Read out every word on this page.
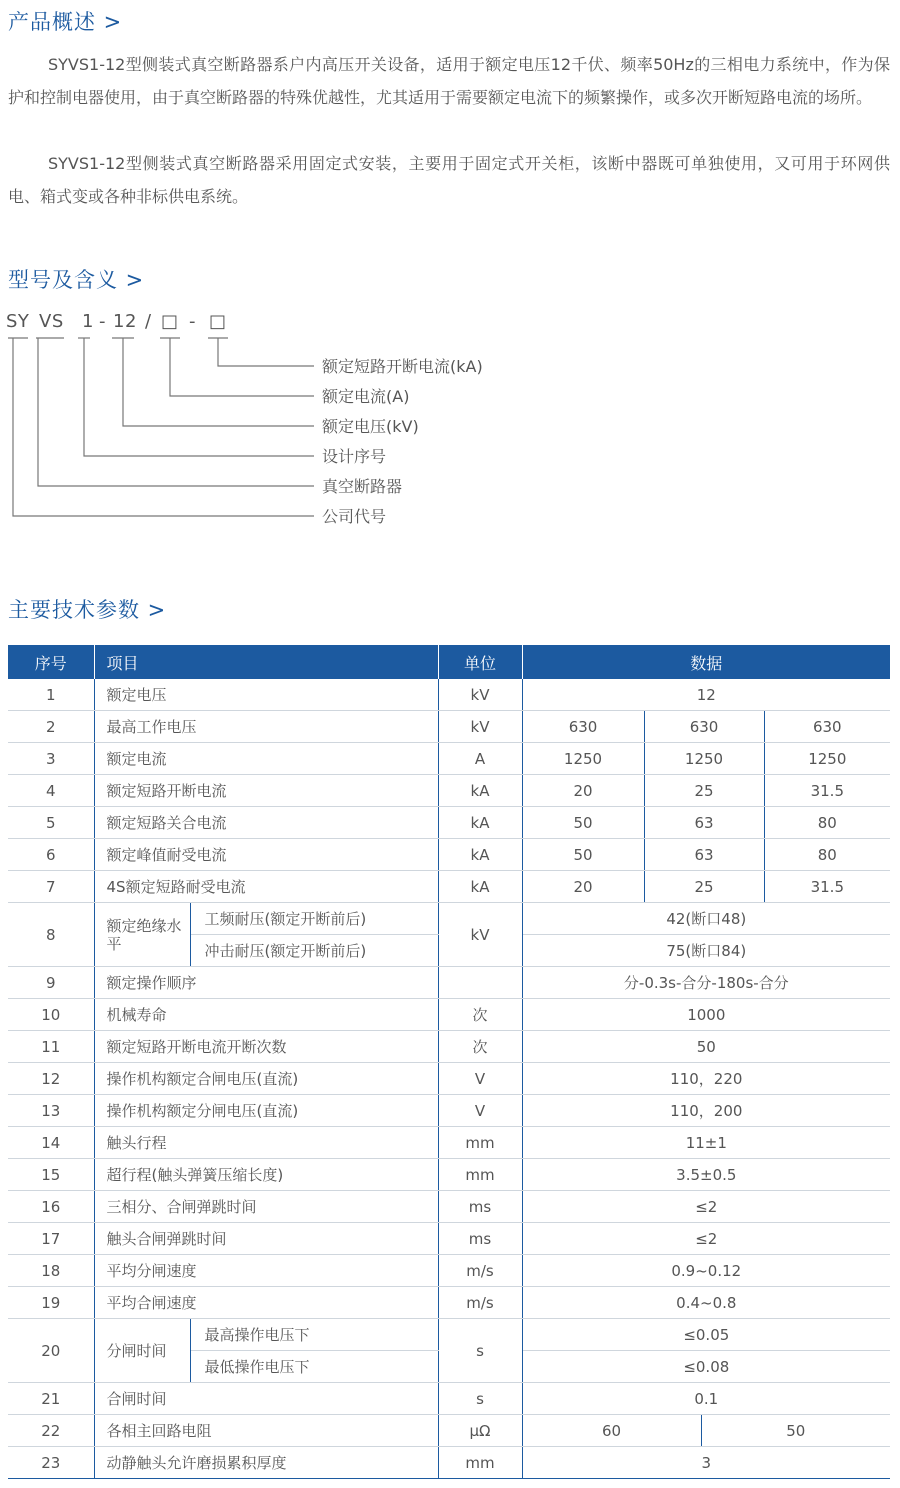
产品概述 >

SYVS1-12型侧装式真空断路器系户内高压开关设备，适用于额定电压12千伏、频率50Hz的三相电力系统中，作为保护和控制电器使用，由于真空断路器的特殊优越性，尤其适用于需要额定电流下的频繁操作，或多次开断短路电流的场所。

SYVS1-12型侧装式真空断路器采用固定式安装，主要用于固定式开关柜，该断中器既可单独使用，又可用于环网供电、箱式变或各种非标供电系统。

型号及含义 >
SY VS 1 - 12 / □ - □
额定短路开断电流(kA)
额定电流(A)
额定电压(kV)
设计序号
真空断路器
公司代号
主要技术参数 >
序号	项目		单位	数据			
1	额定电压		kV	12			
2	最高工作电压		kV	630	630		630
3	额定电流		A	1250	1250		1250
4	额定短路开断电流		kA	20	25		31.5
5	额定短路关合电流		kA	50	63		80
6	额定峰值耐受电流		kA	50	63		80
7	4S额定短路耐受电流		kA	20	25		31.5
8	额定绝缘水平	工频耐压(额定开断前后)	kV	42(断口48)			
		冲击耐压(额定开断前后)		75(断口84)			
9	额定操作顺序			分-0.3s-合分-180s-合分			
10	机械寿命		次	1000			
11	额定短路开断电流开断次数		次	50			
12	操作机构额定合闸电压(直流)		V	110，220			
13	操作机构额定分闸电压(直流)		V	110，200			
14	触头行程		mm	11±1			
15	超行程(触头弹簧压缩长度)		mm	3.5±0.5			
16	三相分、合闸弹跳时间		ms	≤2			
17	触头合闸弹跳时间		ms	≤2			
18	平均分闸速度		m/s	0.9~0.12			
19	平均合闸速度		m/s	0.4~0.8			
20	分闸时间	最高操作电压下	s	≤0.05			
		最低操作电压下		≤0.08			
21	合闸时间		s	0.1			
22	各相主回路电阻		μΩ	60		50	
23	动静触头允许磨损累积厚度		mm	3			
